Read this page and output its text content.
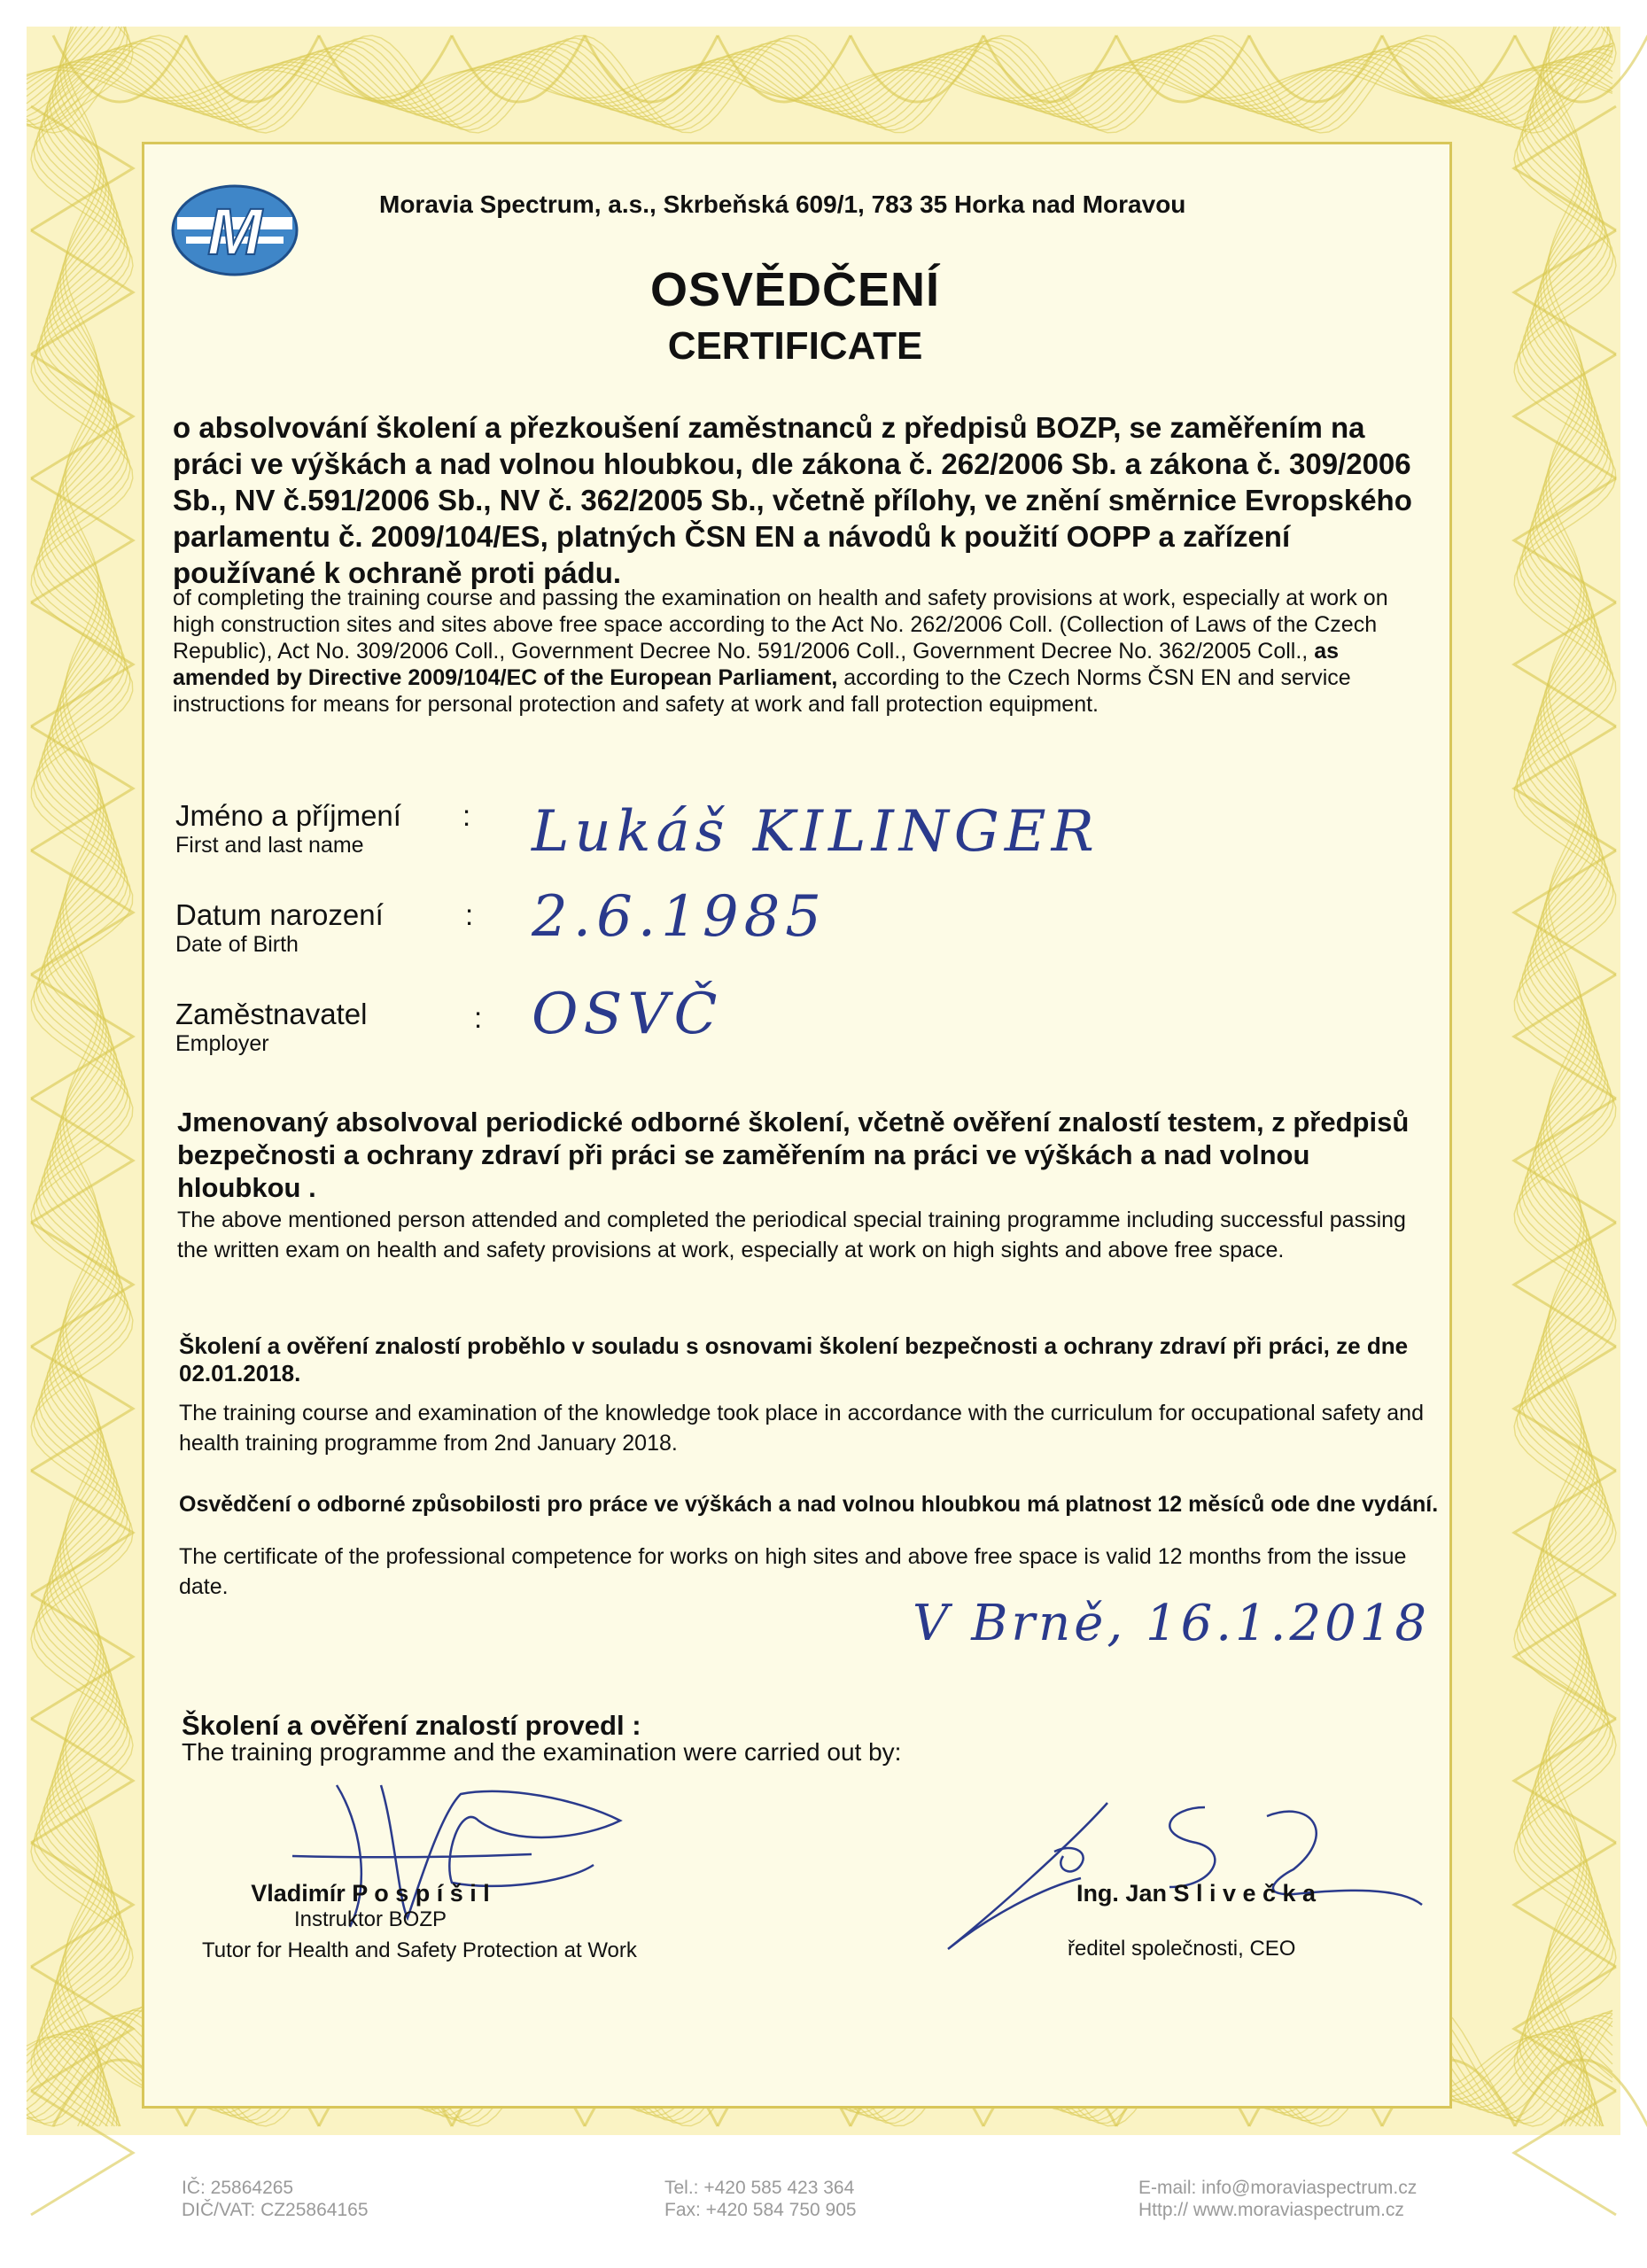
M	Moravia Spectrum, a.s., Skrbeňská 609/1, 783 35 Horka nad Moravou
OSVĚDČENÍ
CERTIFICATE
o absolvování školení a přezkoušení zaměstnanců z předpisů BOZP, se zaměřením na práci ve výškách a nad volnou hloubkou, dle zákona č. 262/2006 Sb. a zákona č. 309/2006 Sb., NV č.591/2006 Sb., NV č. 362/2005 Sb., včetně přílohy, ve znění směrnice Evropského parlamentu č. 2009/104/ES, platných ČSN EN a návodů k použití OOPP a zařízení používané k ochraně proti pádu.
of completing the training course and passing the examination on health and safety provisions at work, especially at work on high construction sites and sites above free space according to the Act No. 262/2006 Coll. (Collection of Laws of the Czech Republic), Act No. 309/2006 Coll., Government Decree No. 591/2006 Coll., Government Decree No. 362/2005 Coll., as amended by Directive 2009/104/EC of the European Parliament, according to the Czech Norms ČSN EN and service instructions for means for personal protection and safety at work and fall protection equipment.
Jméno a příjmení
First and last name
: Lukáš KILINGER
Datum narození
Date of Birth
: 2.6.1985
Zaměstnavatel
Employer
: OSVČ
Jmenovaný absolvoval periodické odborné školení, včetně ověření znalostí testem, z předpisů bezpečnosti a ochrany zdraví při práci se zaměřením na práci ve výškách a nad volnou hloubkou .
The above mentioned person attended and completed the periodical special training programme including successful passing the written exam on health and safety provisions at work, especially at work on high sights and above free space.
Školení a ověření znalostí proběhlo v souladu s osnovami školení bezpečnosti a ochrany zdraví při práci, ze dne 02.01.2018.
The training course and examination of the knowledge took place in accordance with the curriculum for occupational safety and health training programme from 2nd January 2018.
Osvědčení o odborné způsobilosti pro práce ve výškách a nad volnou hloubkou má platnost 12 měsíců ode dne vydání.
The certificate of the professional competence for works on high sites and above free space is valid 12 months from the issue date.
V Brně, 16.1.2018
Školení a ověření znalostí provedl :
The training programme and the examination were carried out by:
Vladimír P o s p í š i l
Instruktor BOZP
Tutor for Health and Safety Protection at Work
Ing. Jan S l i v e č k a
ředitel společnosti, CEO
IČ: 25864265
DIČ/VAT: CZ25864165
Tel.: +420 585 423 364
Fax: +420 584 750 905
E-mail: info@moraviaspectrum.cz
Http:// www.moraviaspectrum.cz
